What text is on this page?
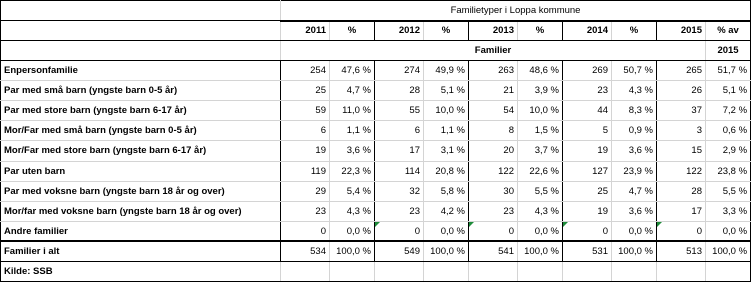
	Familietyper i Loppa kommune									
	2011	%	2012	%	2013	%	2014	%	2015	% av
	Familier									2015
Enpersonfamilie	254	47,6 %	274	49,9 %	263	48,6 %	269	50,7 %	265	51,7 %
Par med små barn (yngste barn 0-5 år)	25	4,7 %	28	5,1 %	21	3,9 %	23	4,3 %	26	5,1 %
Par med store barn (yngste barn 6-17 år)	59	11,0 %	55	10,0 %	54	10,0 %	44	8,3 %	37	7,2 %
Mor/Far med små barn (yngste barn 0-5 år)	6	1,1 %	6	1,1 %	8	1,5 %	5	0,9 %	3	0,6 %
Mor/Far med store barn (yngste barn 6-17 år)	19	3,6 %	17	3,1 %	20	3,7 %	19	3,6 %	15	2,9 %
Par uten barn	119	22,3 %	114	20,8 %	122	22,6 %	127	23,9 %	122	23,8 %
Par med voksne barn (yngste barn 18 år og over)	29	5,4 %	32	5,8 %	30	5,5 %	25	4,7 %	28	5,5 %
Mor/far med voksne barn (yngste barn 18 år og over)	23	4,3 %	23	4,2 %	23	4,3 %	19	3,6 %	17	3,3 %
Andre familier	0	0,0 %	0	0,0 %	0	0,0 %	0	0,0 %	0	0,0 %
Familier i alt	534	100,0 %	549	100,0 %	541	100,0 %	531	100,0 %	513	100,0 %
Kilde: SSB										
